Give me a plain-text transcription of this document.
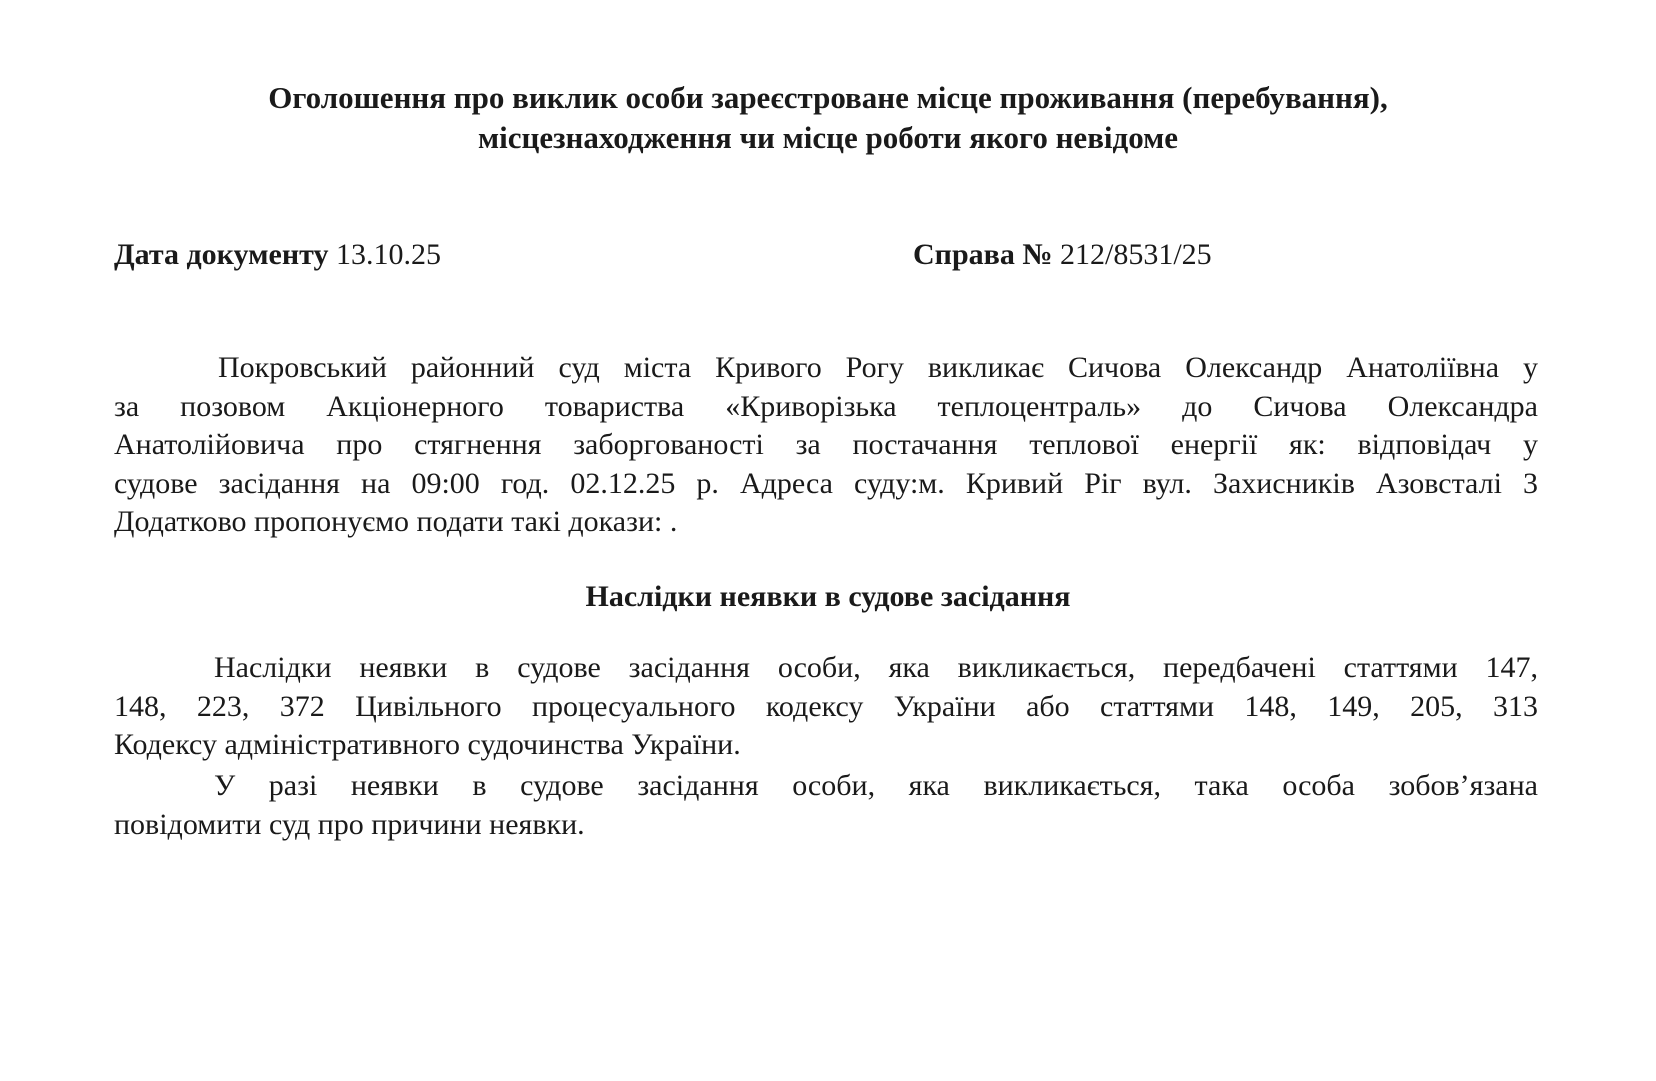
Оголошення про виклик особи зареєстроване місце проживання (перебування),
місцезнаходження чи місце роботи якого невідоме
Дата документу 13.10.25	Справа № 212/8531/25
Покровський районний суд міста Кривого Рогу викликає Сичова Олександр Анатоліївна у
за позовом Акціонерного товариства «Криворізька теплоцентраль» до Сичова Олександра
Анатолійовича про стягнення заборгованості за постачання теплової енергії як: відповідач у
судове засідання на 09:00 год. 02.12.25 р. Адреса суду:м. Кривий Ріг вул. Захисників Азовсталі 3
Додатково пропонуємо подати такі докази: .
Наслідки неявки в судове засідання
Наслідки неявки в судове засідання особи, яка викликається, передбачені статтями 147,
148, 223, 372 Цивільного процесуального кодексу України або статтями 148, 149, 205, 313
Кодексу адміністративного судочинства України.
У разі неявки в судове засідання особи, яка викликається, така особа зобов’язана
повідомити суд про причини неявки.
